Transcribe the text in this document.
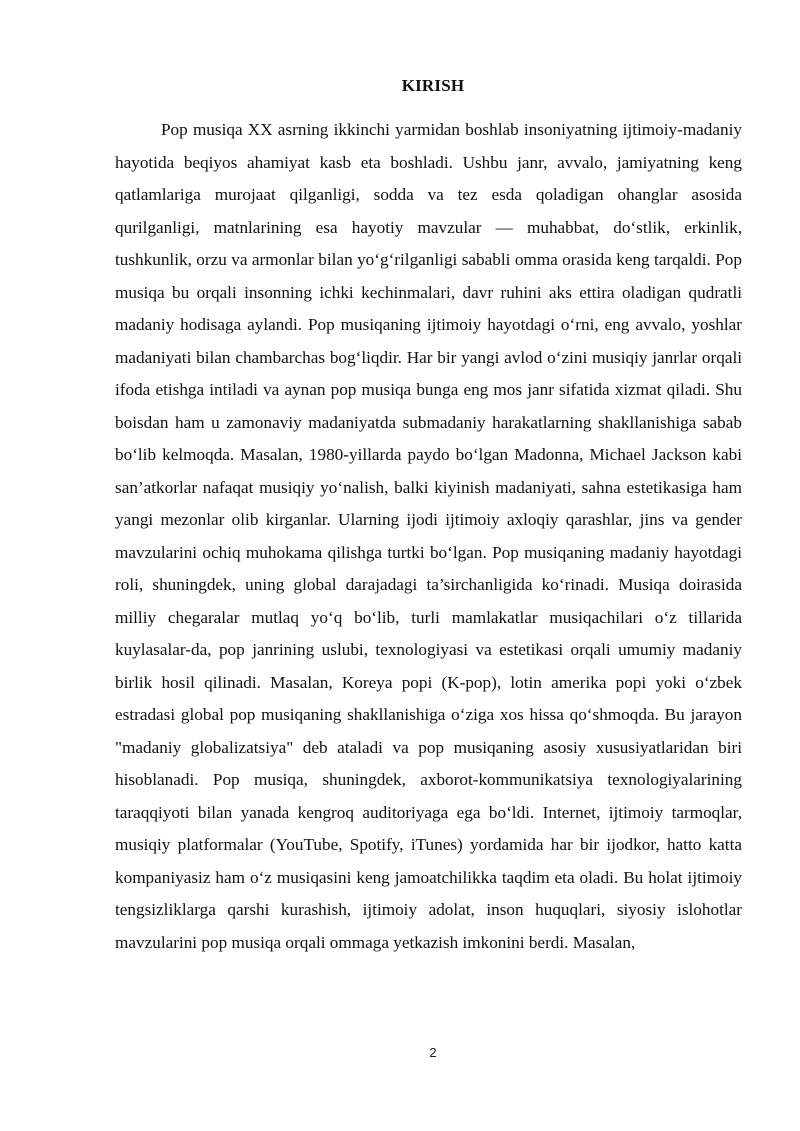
KIRISH

Pop musiqa XX asrning ikkinchi yarmidan boshlab insoniyatning ijtimoiy-madaniy hayotida beqiyos ahamiyat kasb eta boshladi. Ushbu janr, avvalo, jamiyatning keng qatlamlariga murojaat qilganligi, sodda va tez esda qoladigan ohanglar asosida qurilganligi, matnlarining esa hayotiy mavzular — muhabbat, do‘stlik, erkinlik, tushkunlik, orzu va armonlar bilan yo‘g‘rilganligi sababli omma orasida keng tarqaldi. Pop musiqa bu orqali insonning ichki kechinmalari, davr ruhini aks ettira oladigan qudratli madaniy hodisaga aylandi. Pop musiqaning ijtimoiy hayotdagi o‘rni, eng avvalo, yoshlar madaniyati bilan chambarchas bog‘liqdir. Har bir yangi avlod o‘zini musiqiy janrlar orqali ifoda etishga intiladi va aynan pop musiqa bunga eng mos janr sifatida xizmat qiladi. Shu boisdan ham u zamonaviy madaniyatda submadaniy harakatlarning shakllanishiga sabab bo‘lib kelmoqda. Masalan, 1980-yillarda paydo bo‘lgan Madonna, Michael Jackson kabi san’atkorlar nafaqat musiqiy yo‘nalish, balki kiyinish madaniyati, sahna estetikasiga ham yangi mezonlar olib kirganlar. Ularning ijodi ijtimoiy axloqiy qarashlar, jins va gender mavzularini ochiq muhokama qilishga turtki bo‘lgan. Pop musiqaning madaniy hayotdagi roli, shuningdek, uning global darajadagi ta’sirchanligida ko‘rinadi. Musiqa doirasida milliy chegaralar mutlaq yo‘q bo‘lib, turli mamlakatlar musiqachilari o‘z tillarida kuylasalar-da, pop janrining uslubi, texnologiyasi va estetikasi orqali umumiy madaniy birlik hosil qilinadi. Masalan, Koreya popi (K-pop), lotin amerika popi yoki o‘zbek estradasi global pop musiqaning shakllanishiga o‘ziga xos hissa qo‘shmoqda. Bu jarayon "madaniy globalizatsiya" deb ataladi va pop musiqaning asosiy xususiyatlaridan biri hisoblanadi. Pop musiqa, shuningdek, axborot-kommunikatsiya texnologiyalarining taraqqiyoti bilan yanada kengroq auditoriyaga ega bo‘ldi. Internet, ijtimoiy tarmoqlar, musiqiy platformalar (YouTube, Spotify, iTunes) yordamida har bir ijodkor, hatto katta kompaniyasiz ham o‘z musiqasini keng jamoatchilikka taqdim eta oladi. Bu holat ijtimoiy tengsizliklarga qarshi kurashish, ijtimoiy adolat, inson huquqlari, siyosiy islohotlar mavzularini pop musiqa orqali ommaga yetkazish imkonini berdi. Masalan,

2
